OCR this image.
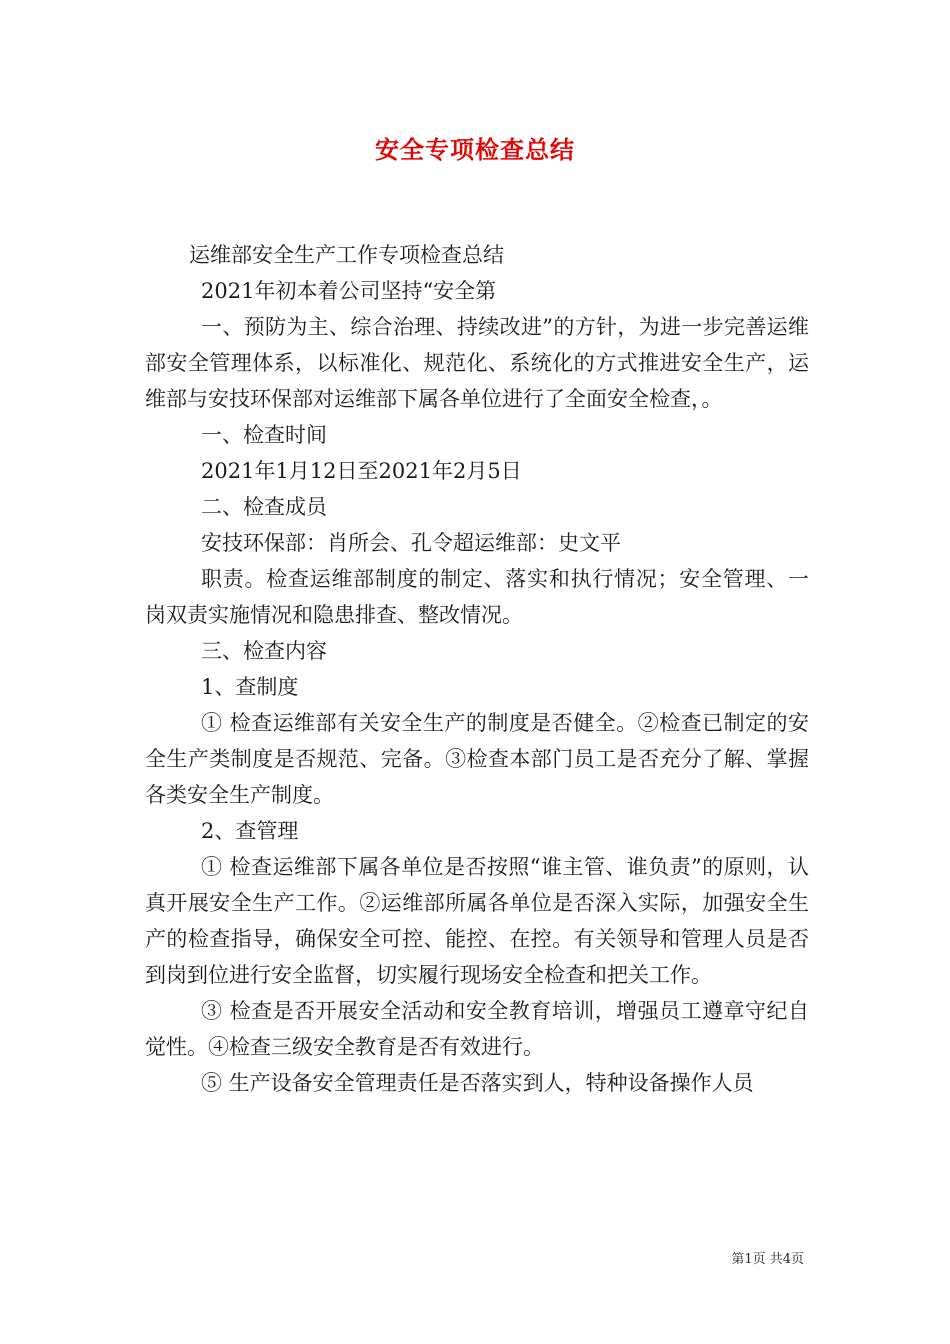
安全专项检查总结

运维部安全生产工作专项检查总结

2021年初本着公司坚持“安全第

一、预防为主、综合治理、持续改进”的方针，为进一步完善运维部安全管理体系，以标准化、规范化、系统化的方式推进安全生产，运维部与安技环保部对运维部下属各单位进行了全面安全检查，。

一、检查时间

2021年1月12日至2021年2月5日

二、检查成员

安技环保部：肖所会、孔令超运维部：史文平

职责。检查运维部制度的制定、落实和执行情况；安全管理、一岗双责实施情况和隐患排查、整改情况。

三、检查内容

1、查制度

① 检查运维部有关安全生产的制度是否健全。②检查已制定的安全生产类制度是否规范、完备。③检查本部门员工是否充分了解、掌握各类安全生产制度。

2、查管理

① 检查运维部下属各单位是否按照“谁主管、谁负责”的原则，认真开展安全生产工作。②运维部所属各单位是否深入实际，加强安全生产的检查指导，确保安全可控、能控、在控。有关领导和管理人员是否到岗到位进行安全监督，切实履行现场安全检查和把关工作。

③ 检查是否开展安全活动和安全教育培训，增强员工遵章守纪自觉性。④检查三级安全教育是否有效进行。

⑤ 生产设备安全管理责任是否落实到人，特种设备操作人员

第1页 共4页
